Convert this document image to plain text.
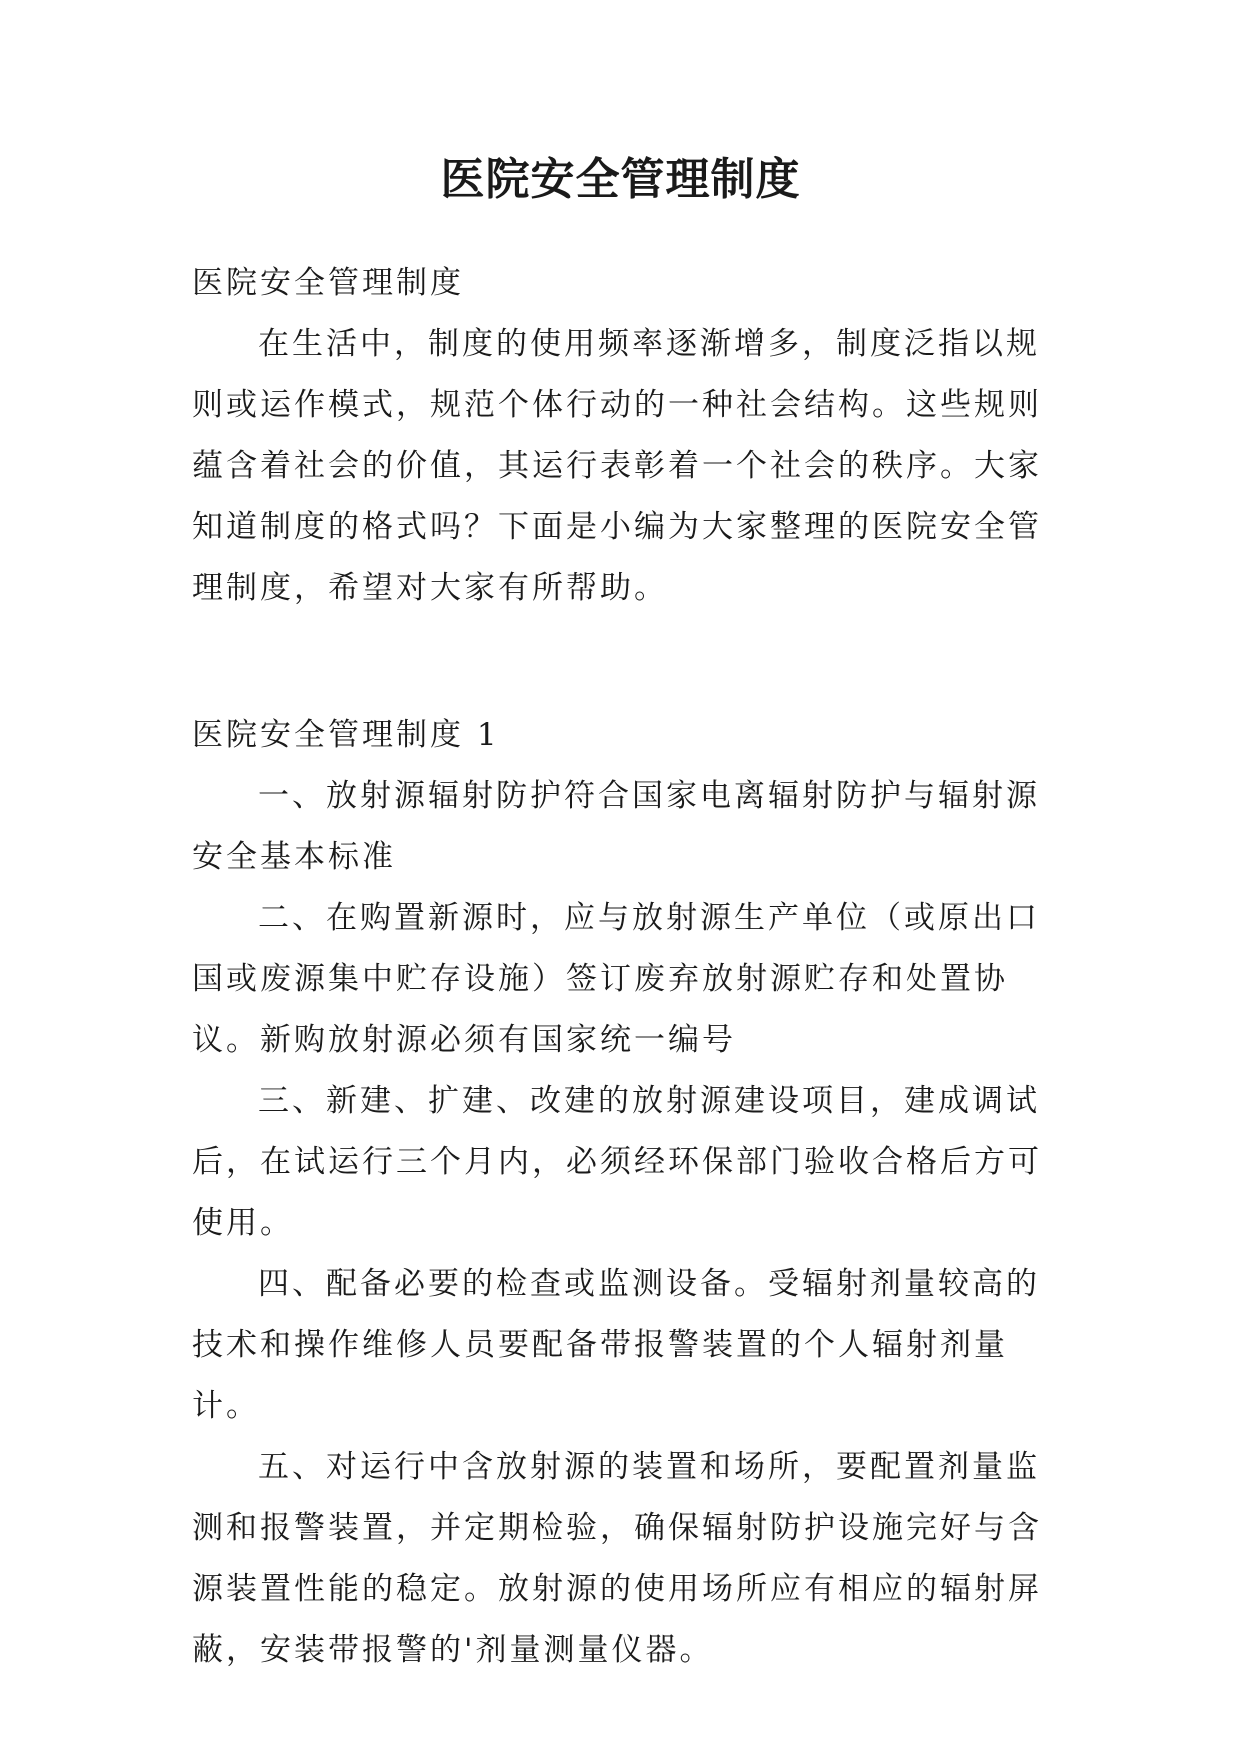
医院安全管理制度

医院安全管理制度

在生活中，制度的使用频率逐渐增多，制度泛指以规则或运作模式，规范个体行动的一种社会结构。这些规则蕴含着社会的价值，其运行表彰着一个社会的秩序。大家知道制度的格式吗？下面是小编为大家整理的医院安全管理制度，希望对大家有所帮助。

医院安全管理制度 1

一、放射源辐射防护符合国家电离辐射防护与辐射源安全基本标准

二、在购置新源时，应与放射源生产单位（或原出口国或废源集中贮存设施）签订废弃放射源贮存和处置协议。新购放射源必须有国家统一编号

三、新建、扩建、改建的放射源建设项目，建成调试后，在试运行三个月内，必须经环保部门验收合格后方可使用。

四、配备必要的检查或监测设备。受辐射剂量较高的技术和操作维修人员要配备带报警装置的个人辐射剂量计。

五、对运行中含放射源的装置和场所，要配置剂量监测和报警装置，并定期检验，确保辐射防护设施完好与含源装置性能的稳定。放射源的使用场所应有相应的辐射屏蔽，安装带报警的'剂量测量仪器。
